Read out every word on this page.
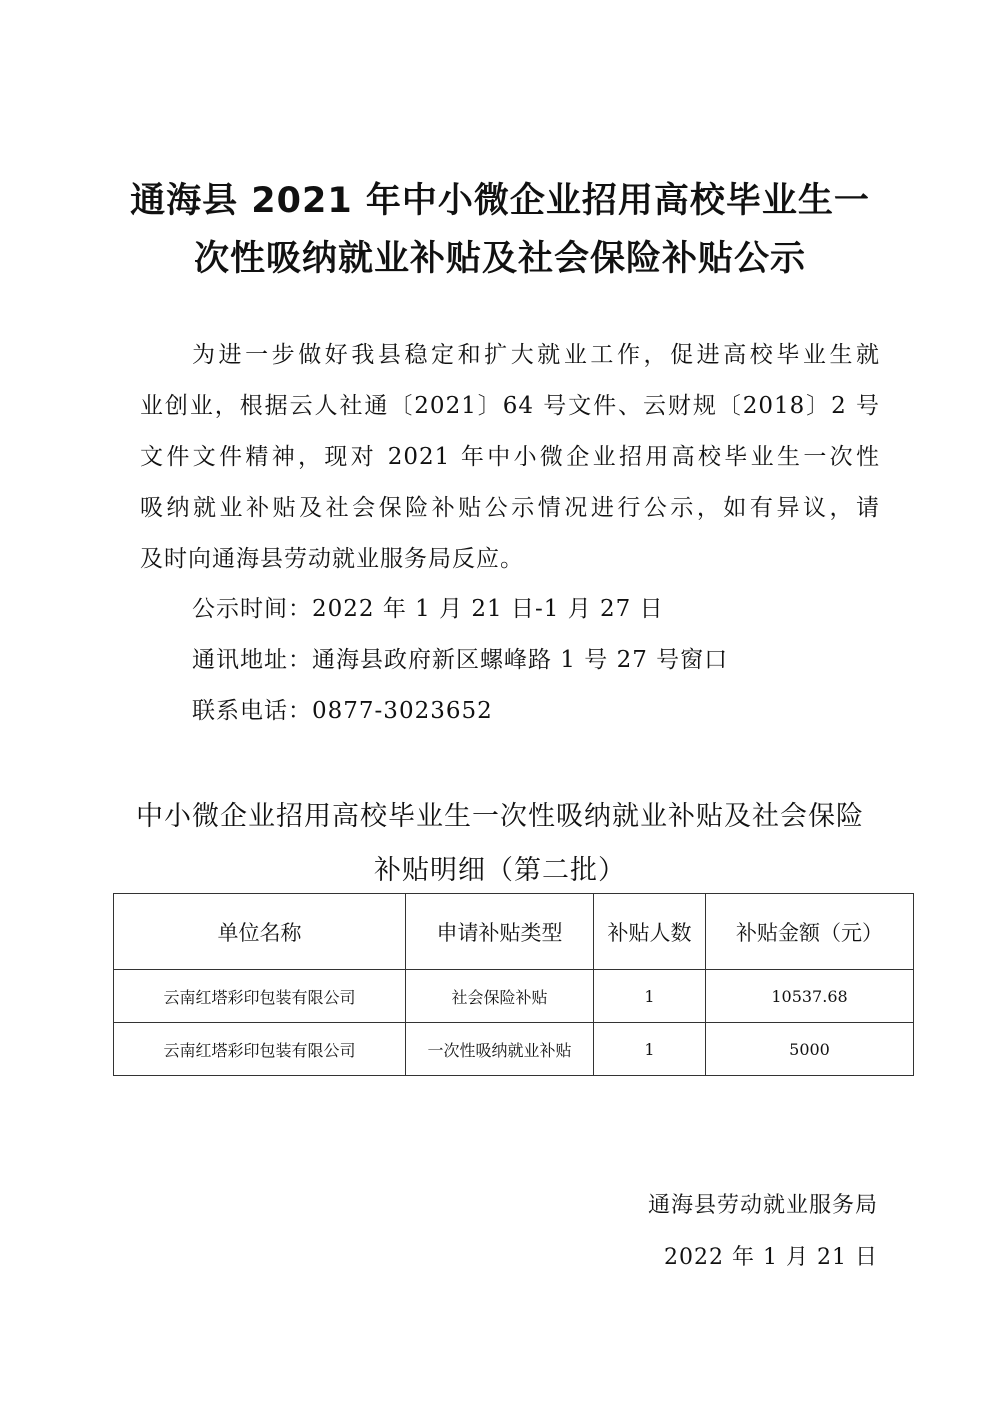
通海县 2021 年中小微企业招用高校毕业生一
次性吸纳就业补贴及社会保险补贴公示
为进一步做好我县稳定和扩大就业工作，促进高校毕业生就
业创业，根据云人社通〔2021〕64 号文件、云财规〔2018〕2 号
文件文件精神，现对 2021 年中小微企业招用高校毕业生一次性
吸纳就业补贴及社会保险补贴公示情况进行公示，如有异议，请
及时向通海县劳动就业服务局反应。
公示时间：2022 年 1 月 21 日-1 月 27 日
通讯地址：通海县政府新区螺峰路 1 号 27 号窗口
联系电话：0877-3023652
中小微企业招用高校毕业生一次性吸纳就业补贴及社会保险
补贴明细（第二批）
单位名称	申请补贴类型	补贴人数	补贴金额（元）
云南红塔彩印包装有限公司	社会保险补贴	1	10537.68
云南红塔彩印包装有限公司	一次性吸纳就业补贴	1	5000
通海县劳动就业服务局
2022 年 1 月 21 日
